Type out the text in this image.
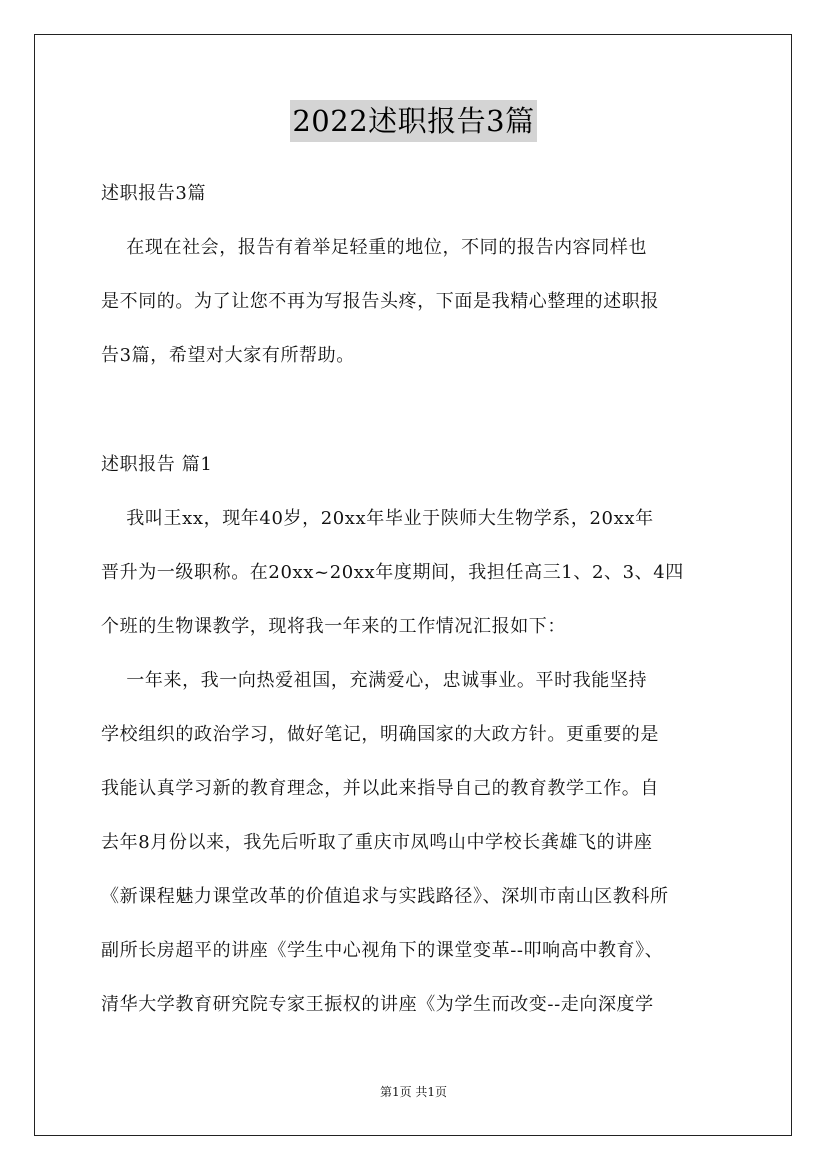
2022述职报告3篇

述职报告3篇

在现在社会，报告有着举足轻重的地位，不同的报告内容同样也

是不同的。为了让您不再为写报告头疼，下面是我精心整理的述职报

告3篇，希望对大家有所帮助。

述职报告 篇1

我叫王xx，现年40岁，20xx年毕业于陕师大生物学系，20xx年

晋升为一级职称。在20xx~20xx年度期间，我担任高三1、2、3、4四

个班的生物课教学，现将我一年来的工作情况汇报如下：

一年来，我一向热爱祖国，充满爱心，忠诚事业。平时我能坚持

学校组织的政治学习，做好笔记，明确国家的大政方针。更重要的是

我能认真学习新的教育理念，并以此来指导自己的教育教学工作。自

去年8月份以来，我先后听取了重庆市凤鸣山中学校长龚雄飞的讲座

《新课程魅力课堂改革的价值追求与实践路径》、深圳市南山区教科所

副所长房超平的讲座《学生中心视角下的课堂变革--叩响高中教育》、

清华大学教育研究院专家王振权的讲座《为学生而改变--走向深度学

第1页 共1页
